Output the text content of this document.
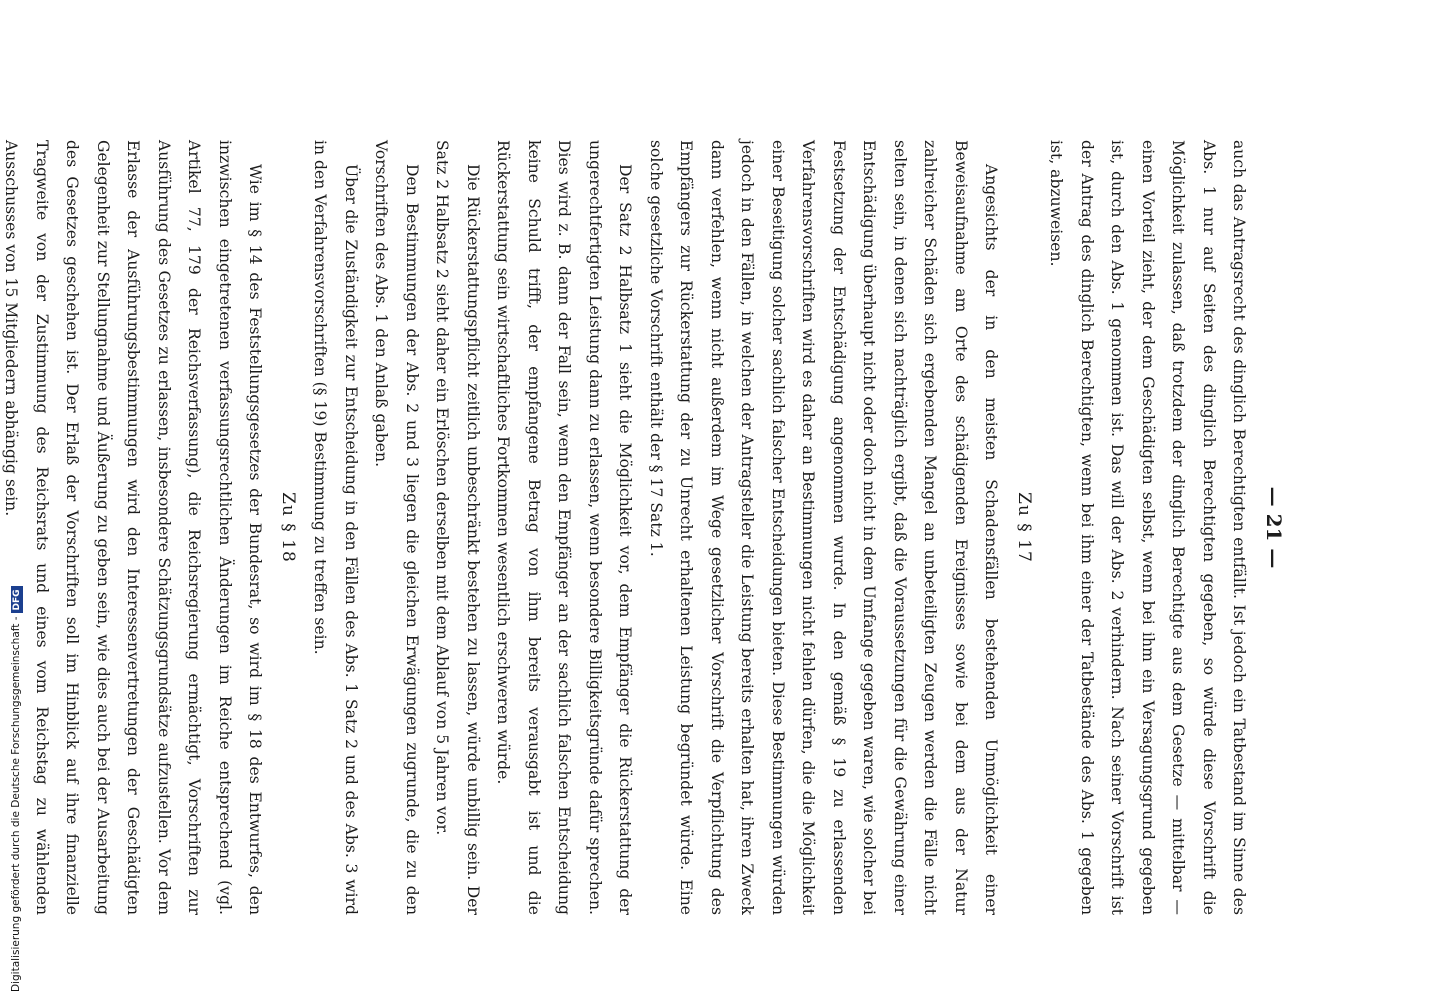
Digitalisierung gefördert durch die Deutsche Forschungsgemeinschaft -DFG
— 21 —

auch das Antragsrecht des dinglich Berechtigten entfällt. Ist jedoch ein Tatbestand im Sinne des Abs. 1 nur auf Seiten des dinglich Berechtigten gegeben, so würde diese Vorschrift die Möglichkeit zulassen, daß trotzdem der dinglich Berechtigte aus dem Gesetze — mittelbar — einen Vorteil zieht, der dem Geschädigten selbst, wenn bei ihm ein Versagungsgrund gegeben ist, durch den Abs. 1 genommen ist. Das will der Abs. 2 verhindern. Nach seiner Vorschrift ist der Antrag des dinglich Berechtigten, wenn bei ihm einer der Tatbestände des Abs. 1 gegeben ist, abzuweisen.

Zu § 17

Angesichts der in den meisten Schadensfällen bestehenden Unmöglichkeit einer Beweisaufnahme am Orte des schädigenden Ereignisses sowie bei dem aus der Natur zahlreicher Schäden sich ergebenden Mangel an unbeteiligten Zeugen werden die Fälle nicht selten sein, in denen sich nachträglich ergibt, daß die Voraussetzungen für die Gewährung einer Entschädigung überhaupt nicht oder doch nicht in dem Umfange gegeben waren, wie solcher bei Festsetzung der Entschädigung angenommen wurde. In den gemäß § 19 zu erlassenden Verfahrensvorschriften wird es daher an Bestimmungen nicht fehlen dürfen, die die Möglichkeit einer Beseitigung solcher sachlich falscher Entscheidungen bieten. Diese Bestimmungen würden jedoch in den Fällen, in welchen der Antragsteller die Leistung bereits erhalten hat, ihren Zweck dann verfehlen, wenn nicht außerdem im Wege gesetzlicher Vorschrift die Verpflichtung des Empfängers zur Rückerstattung der zu Unrecht erhaltenen Leistung begründet würde. Eine solche gesetzliche Vorschrift enthält der § 17 Satz 1.

Der Satz 2 Halbsatz 1 sieht die Möglichkeit vor, dem Empfänger die Rückerstattung der ungerechtfertigten Leistung dann zu erlassen, wenn besondere Billigkeitsgründe dafür sprechen. Dies wird z. B. dann der Fall sein, wenn den Empfänger an der sachlich falschen Entscheidung keine Schuld trifft, der empfangene Betrag von ihm bereits verausgabt ist und die Rückerstattung sein wirtschaftliches Fortkommen wesentlich erschweren würde.

Die Rückerstattungspflicht zeitlich unbeschränkt bestehen zu lassen, würde unbillig sein. Der Satz 2 Halbsatz 2 sieht daher ein Erlöschen derselben mit dem Ablauf von 5 Jahren vor.

Den Bestimmungen der Abs. 2 und 3 liegen die gleichen Erwägungen zugrunde, die zu den Vorschriften des Abs. 1 den Anlaß gaben.

Über die Zuständigkeit zur Entscheidung in den Fällen des Abs. 1 Satz 2 und des Abs. 3 wird in den Verfahrensvorschriften (§ 19) Bestimmung zu treffen sein.

Zu § 18

Wie im § 14 des Feststellungsgesetzes der Bundesrat, so wird im § 18 des Entwurfes, den inzwischen eingetretenen verfassungsrechtlichen Änderungen im Reiche entsprechend (vgl. Artikel 77, 179 der Reichsverfassung), die Reichsregierung ermächtigt, Vorschriften zur Ausführung des Gesetzes zu erlassen, insbesondere Schätzungsgrundsätze aufzustellen. Vor dem Erlasse der Ausführungsbestimmungen wird den Interessenvertretungen der Geschädigten Gelegenheit zur Stellungnahme und Äußerung zu geben sein, wie dies auch bei der Ausarbeitung des Gesetzes geschehen ist. Der Erlaß der Vorschriften soll im Hinblick auf ihre finanzielle Tragweite von der Zustimmung des Reichsrats und eines vom Reichstag zu wählenden Ausschusses von 15 Mitgliedern abhängig sein.
